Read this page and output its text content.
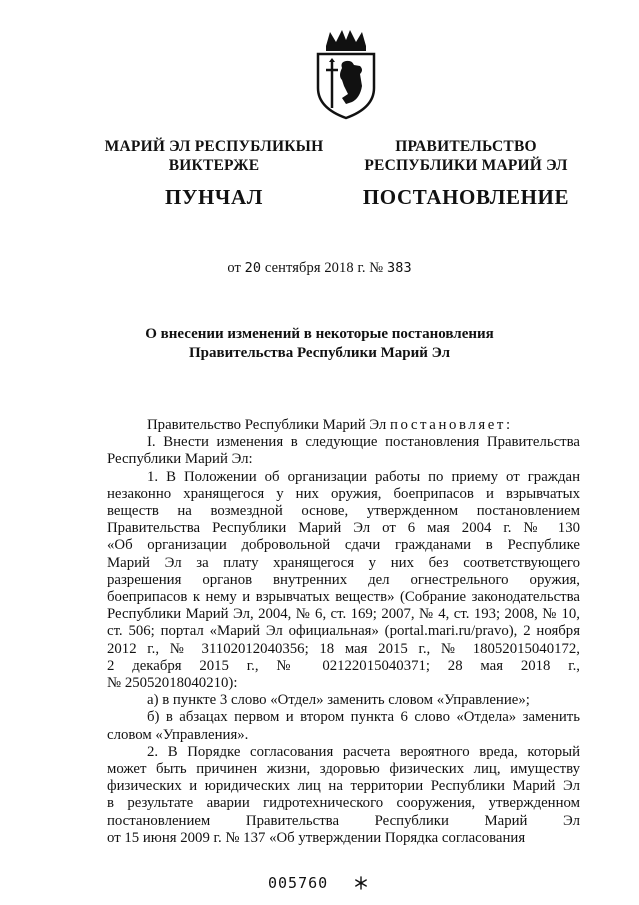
МАРИЙ ЭЛ РЕСПУБЛИКЫН
ВИКТЕРЖЕ
ПУНЧАЛ
ПРАВИТЕЛЬСТВО
РЕСПУБЛИКИ МАРИЙ ЭЛ
ПОСТАНОВЛЕНИЕ
от 20 сентября 2018 г. № 383
О внесении изменений в некоторые постановления
Правительства Республики Марий Эл

Правительство Республики Марий Эл постановляет:

I. Внести изменения в следующие постановления Правительства

Республики Марий Эл:

1. В Положении об организации работы по приему от граждан

незаконно хранящегося у них оружия, боеприпасов и взрывчатых

веществ на возмездной основе, утвержденном постановлением

Правительства Республики Марий Эл от 6 мая 2004 г. № 130

«Об организации добровольной сдачи гражданами в Республике

Марий Эл за плату хранящегося у них без соответствующего

разрешения органов внутренних дел огнестрельного оружия,

боеприпасов к нему и взрывчатых веществ» (Собрание законодательства

Республики Марий Эл, 2004, № 6, ст. 169; 2007, № 4, ст. 193; 2008, № 10,

ст. 506; портал «Марий Эл официальная» (portal.mari.ru/pravo), 2 ноября

2012 г., № 31102012040356; 18 мая 2015 г., № 18052015040172,

2 декабря 2015 г., № 02122015040371; 28 мая 2018 г.,

№ 25052018040210):

а) в пункте 3 слово «Отдел» заменить словом «Управление»;

б) в абзацах первом и втором пункта 6 слово «Отдела» заменить

словом «Управления».

2. В Порядке согласования расчета вероятного вреда, который

может быть причинен жизни, здоровью физических лиц, имуществу

физических и юридических лиц на территории Республики Марий Эл

в результате аварии гидротехнического сооружения, утвержденном

постановлением Правительства Республики Марий Эл

от 15 июня 2009 г. № 137 «Об утверждении Порядка согласования

005760
